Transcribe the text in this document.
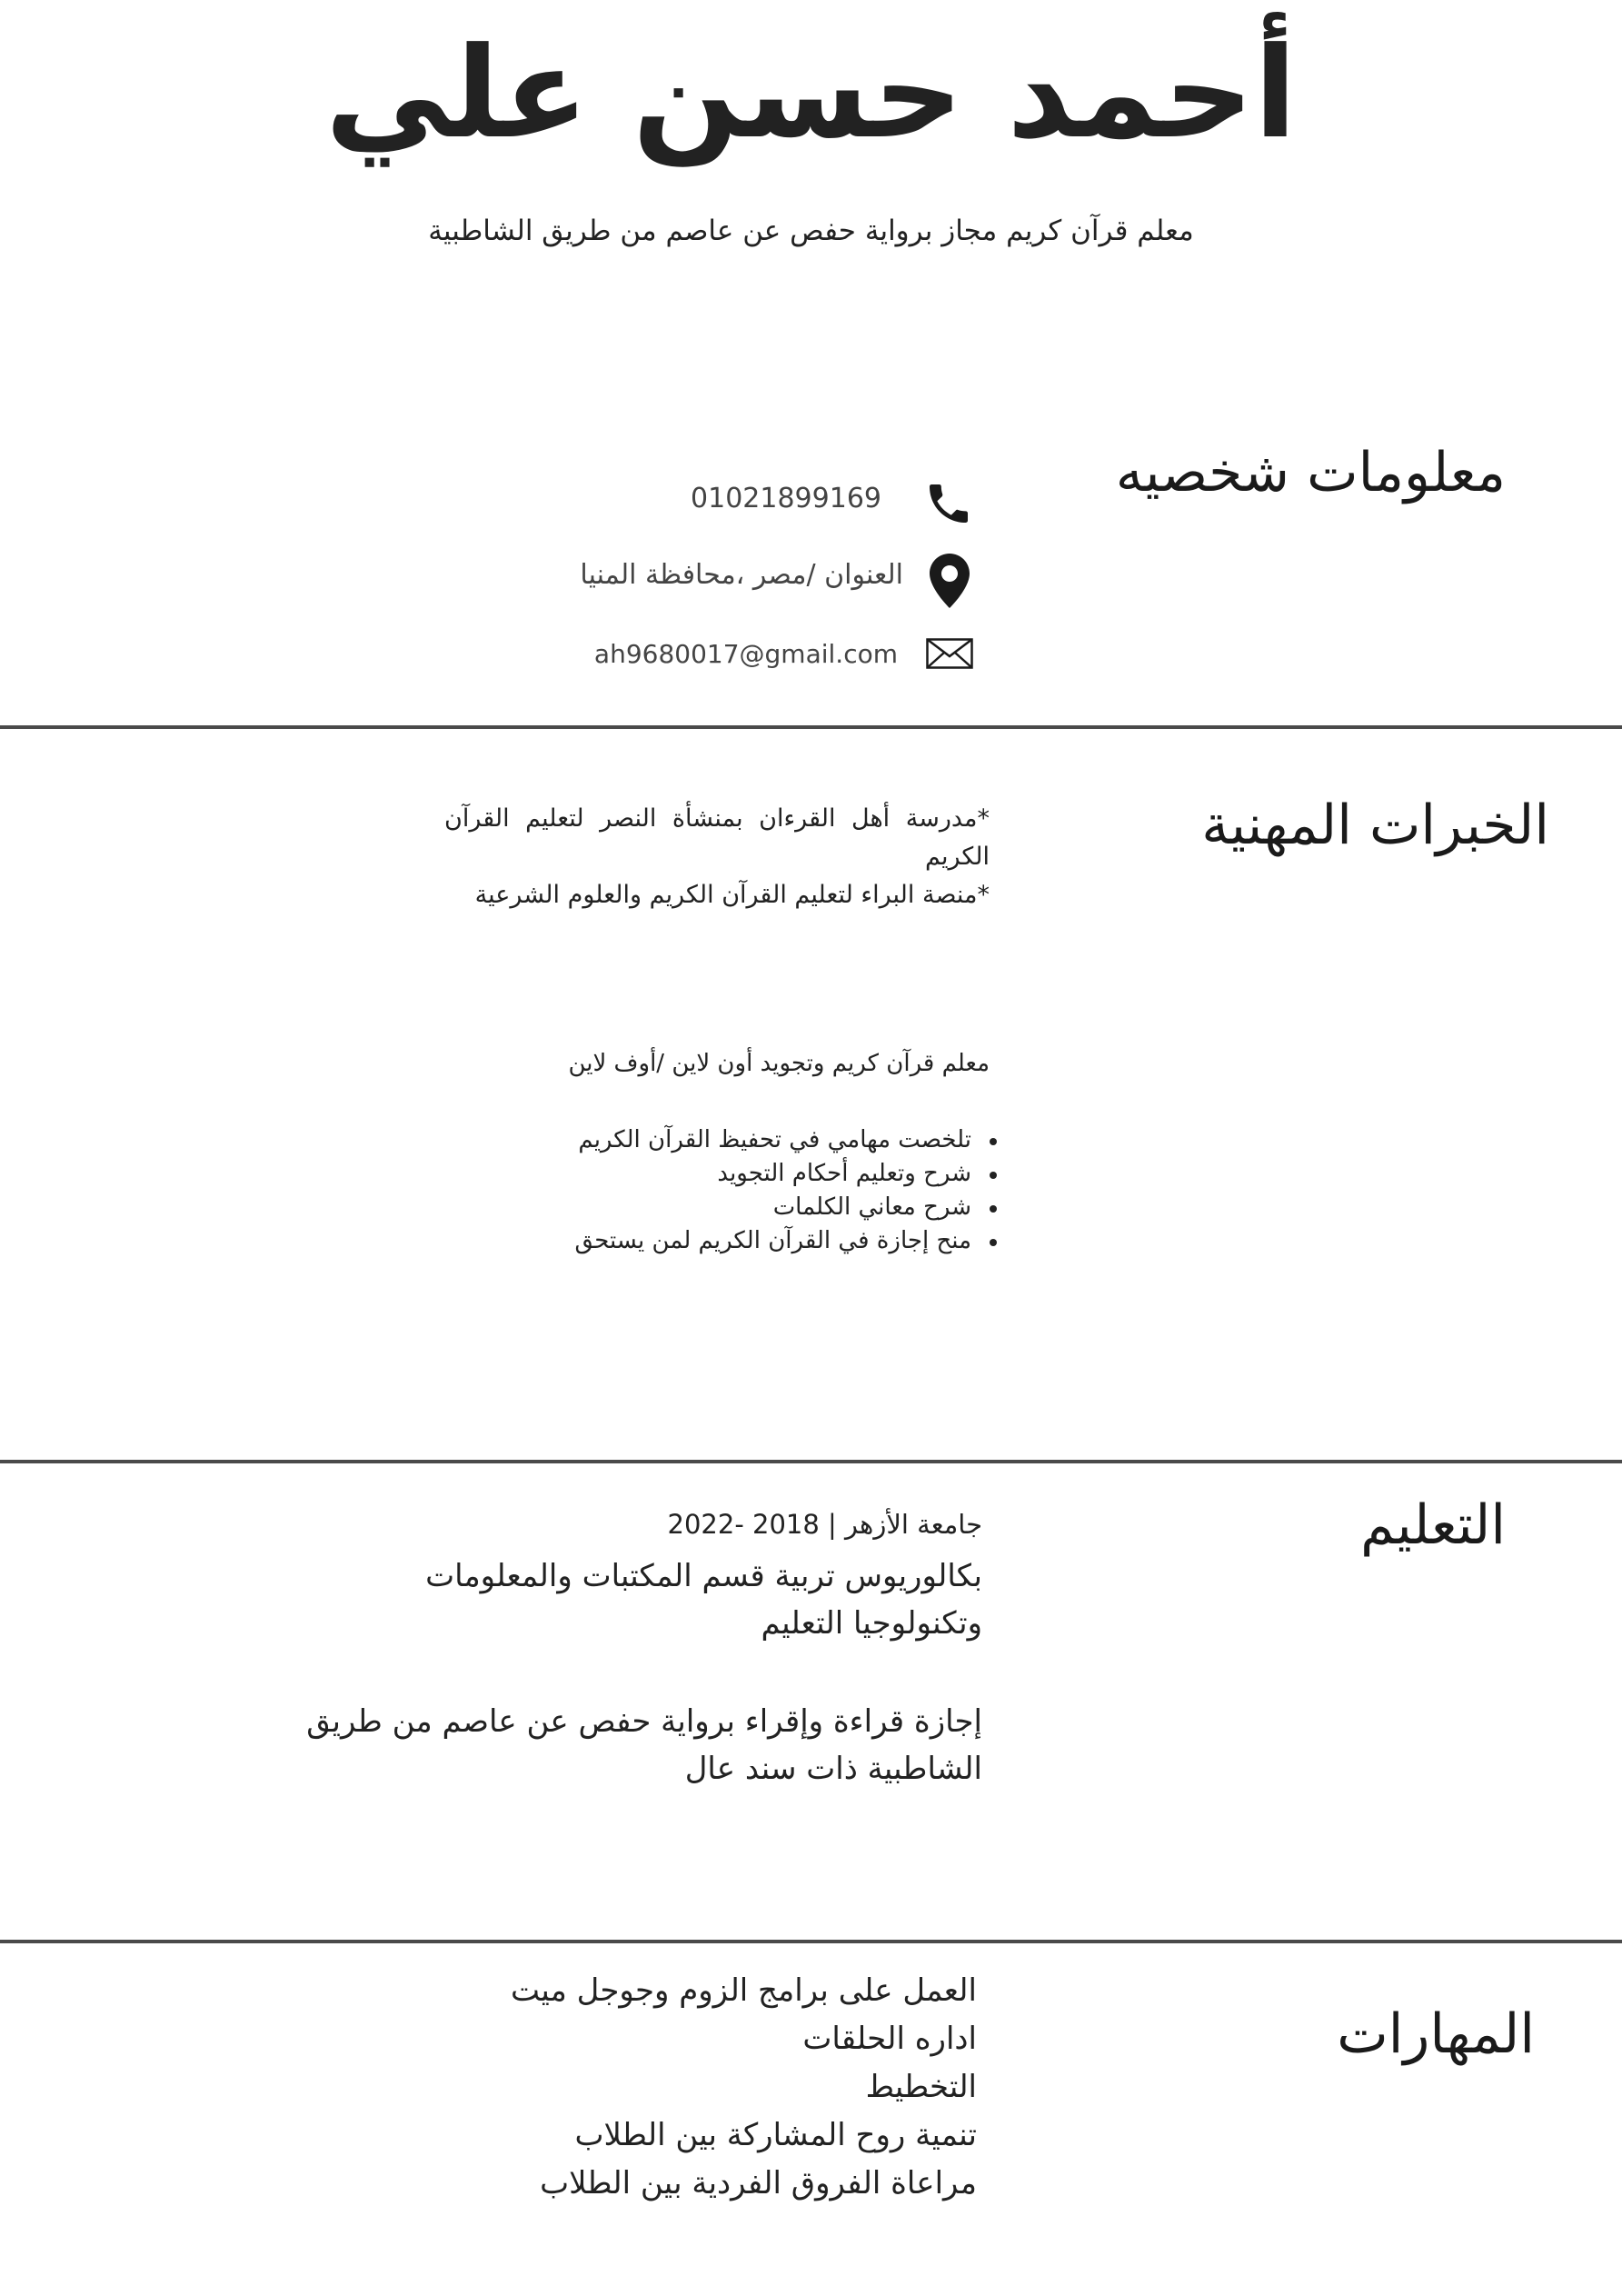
أحمد حسن علي
معلم قرآن كريم مجاز برواية حفص عن عاصم من طريق الشاطبية
معلومات شخصيه
01021899169
العنوان /مصر ،محافظة المنيا
ah9680017@gmail.com
الخبرات المهنية
*مدرسة أهل القرءان بمنشأة النصر لتعليم القرآن الكريم
*منصة البراء لتعليم القرآن الكريم والعلوم الشرعية
معلم قرآن كريم وتجويد أون لاين /أوف لاين
تلخصت مهامي في تحفيظ القرآن الكريم
شرح وتعليم أحكام التجويد
شرح معاني الكلمات
منح إجازة في القرآن الكريم لمن يستحق
التعليم
جامعة الأزهر | 2018 -2022
بكالوريوس تربية قسم المكتبات والمعلومات وتكنولوجيا التعليم
إجازة قراءة وإقراء برواية حفص عن عاصم من طريق الشاطبية ذات سند عال
المهارات
العمل على برامج الزوم وجوجل ميت
اداره الحلقات
التخطيط
تنمية روح المشاركة بين الطلاب
مراعاة الفروق الفردية بين الطلاب
